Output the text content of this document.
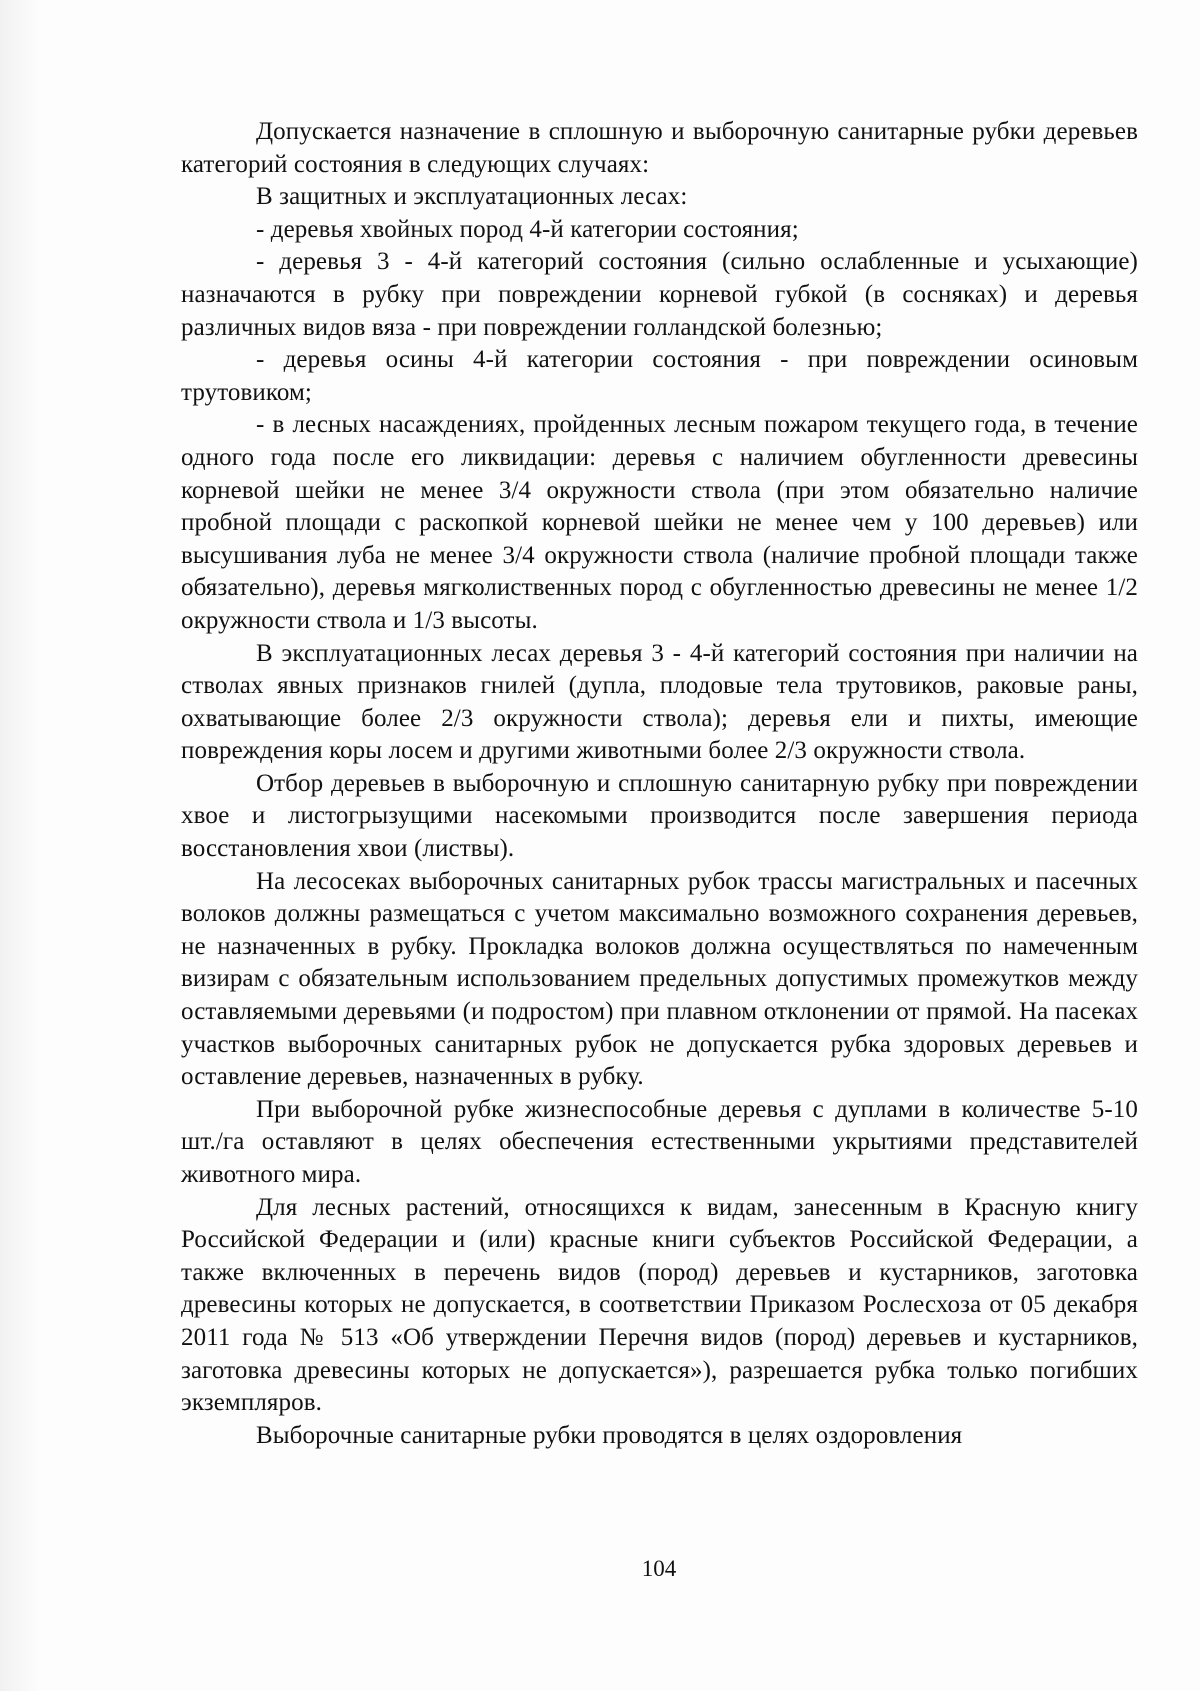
Допускается назначение в сплошную и выборочную санитарные рубки деревьев категорий состояния в следующих случаях:

В защитных и эксплуатационных лесах:

- деревья хвойных пород 4-й категории состояния;

- деревья 3 - 4-й категорий состояния (сильно ослабленные и усыхающие) назначаются в рубку при повреждении корневой губкой (в сосняках) и деревья различных видов вяза - при повреждении голландской болезнью;

- деревья осины 4-й категории состояния - при повреждении осиновым трутовиком;

- в лесных насаждениях, пройденных лесным пожаром текущего года, в течение одного года после его ликвидации: деревья с наличием обугленности древесины корневой шейки не менее 3/4 окружности ствола (при этом обязательно наличие пробной площади с раскопкой корневой шейки не менее чем у 100 деревьев) или высушивания луба не менее 3/4 окружности ствола (наличие пробной площади также обязательно), деревья мягколиственных пород с обугленностью древесины не менее 1/2 окружности ствола и 1/3 высоты.

В эксплуатационных лесах деревья 3 - 4-й категорий состояния при наличии на стволах явных признаков гнилей (дупла, плодовые тела трутовиков, раковые раны, охватывающие более 2/3 окружности ствола); деревья ели и пихты, имеющие повреждения коры лосем и другими животными более 2/3 окружности ствола.

Отбор деревьев в выборочную и сплошную санитарную рубку при повреждении хвое и листогрызущими насекомыми производится после завершения периода восстановления хвои (листвы).

На лесосеках выборочных санитарных рубок трассы магистральных и пасечных волоков должны размещаться с учетом максимально возможного сохранения деревьев, не назначенных в рубку. Прокладка волоков должна осуществляться по намеченным визирам с обязательным использованием предельных допустимых промежутков между оставляемыми деревьями (и подростом) при плавном отклонении от прямой. На пасеках участков выборочных санитарных рубок не допускается рубка здоровых деревьев и оставление деревьев, назначенных в рубку.

При выборочной рубке жизнеспособные деревья с дуплами в количестве 5-10 шт./га оставляют в целях обеспечения естественными укрытиями представителей животного мира.

Для лесных растений, относящихся к видам, занесенным в Красную книгу Российской Федерации и (или) красные книги субъектов Российской Федерации, а также включенных в перечень видов (пород) деревьев и кустарников, заготовка древесины которых не допускается, в соответствии Приказом Рослесхоза от 05 декабря 2011 года № 513 «Об утверждении Перечня видов (пород) деревьев и кустарников, заготовка древесины которых не допускается»), разрешается рубка только погибших экземпляров.

Выборочные санитарные рубки проводятся в целях оздоровления

104
